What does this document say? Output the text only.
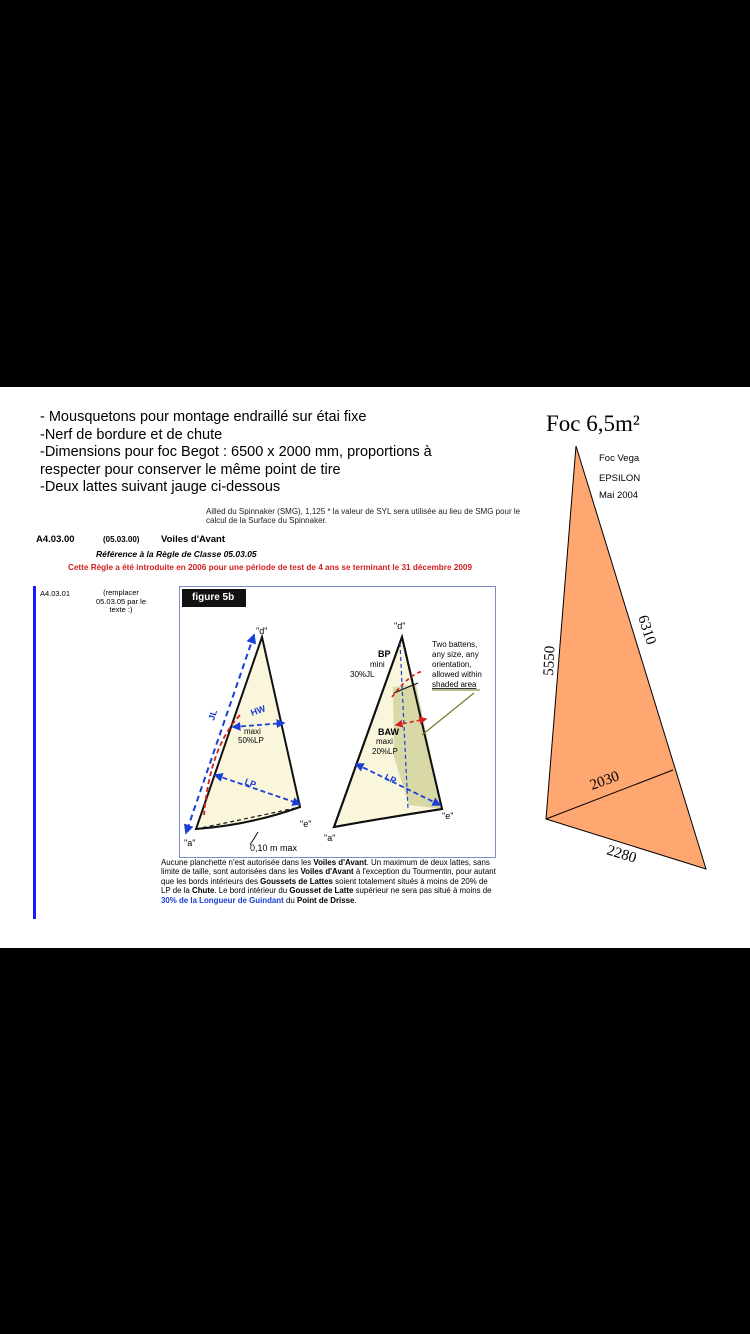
- Mousquetons pour montage endraillé sur étai fixe
-Nerf de bordure et de chute
-Dimensions pour foc Begot : 6500 x 2000 mm, proportions à respecter pour conserver le même point de tire
-Deux lattes suivant jauge ci-dessous
Foc 6,5m²
Foc Vega
EPSILON
Mai 2004
5550
6310
2030
2280
Ailled du Spinnaker (SMG), 1,125 * la valeur de SYL sera utilisée au lieu de SMG pour le calcul de la Surface du Spinnaker.
A4.03.00	(05.03.00) Voiles d'Avant
Référence à la Règle de Classe 05.03.05
Cette Règle a été introduite en 2006 pour une période de test de 4 ans se terminant le 31 décembre 2009
A4.03.01	(remplacer 05.03.05 par le texte :)
figure 5b
"d"
"a"
"e"
HW
maxi
50%LP
JL
LP
0,10 m max
"d"
"a"
"e"
BP
mini
30%JL
BAW
maxi
20%LP
LP
Two battens,
any size, any
orientation,
allowed within
shaded area
Aucune planchette n'est autorisée dans les Voiles d'Avant. Un maximum de deux lattes, sans limite de taille, sont autorisées dans les Voiles d'Avant à l'exception du Tourmentin, pour autant que les bords intérieurs des Goussets de Lattes soient totalement situés à moins de 20% de LP de la Chute. Le bord intérieur du Gousset de Latte supérieur ne sera pas situé à moins de 30% de la Longueur de Guindant du Point de Drisse.
